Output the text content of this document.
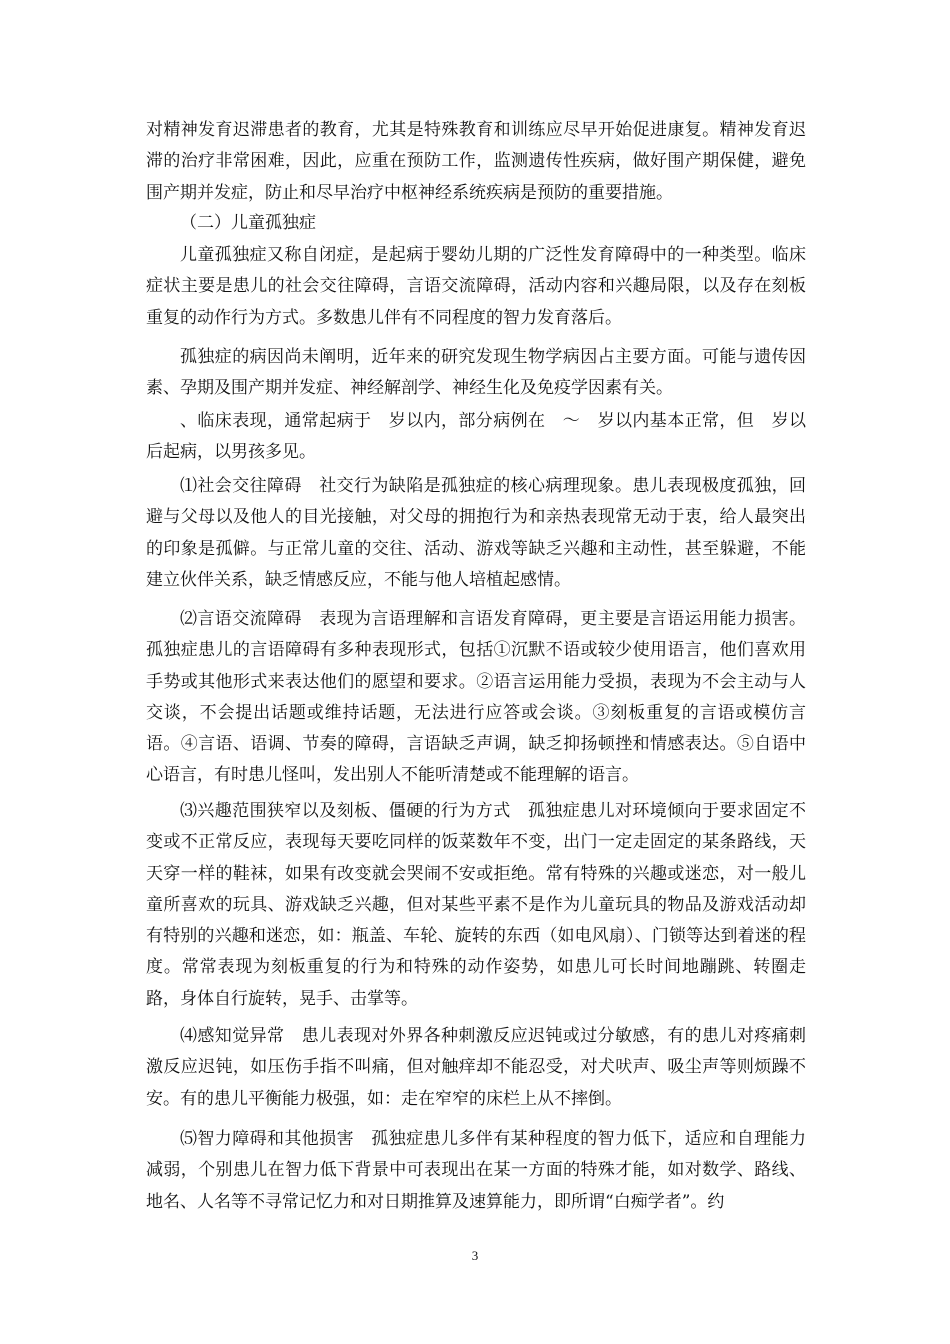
对精神发育迟滞患者的教育，尤其是特殊教育和训练应尽早开始促进康复。精神发育迟滞的治疗非常困难，因此，应重在预防工作，监测遗传性疾病，做好围产期保健，避免围产期并发症，防止和尽早治疗中枢神经系统疾病是预防的重要措施。

（二）儿童孤独症

儿童孤独症又称自闭症，是起病于婴幼儿期的广泛性发育障碍中的一种类型。临床症状主要是患儿的社会交往障碍，言语交流障碍，活动内容和兴趣局限，以及存在刻板重复的动作行为方式。多数患儿伴有不同程度的智力发育落后。

孤独症的病因尚未阐明，近年来的研究发现生物学病因占主要方面。可能与遗传因素、孕期及围产期并发症、神经解剖学、神经生化及免疫学因素有关。

、临床表现，通常起病于　岁以内，部分病例在　～　岁以内基本正常，但　岁以后起病，以男孩多见。

⑴社会交往障碍　社交行为缺陷是孤独症的核心病理现象。患儿表现极度孤独，回避与父母以及他人的目光接触，对父母的拥抱行为和亲热表现常无动于衷，给人最突出的印象是孤僻。与正常儿童的交往、活动、游戏等缺乏兴趣和主动性，甚至躲避，不能建立伙伴关系，缺乏情感反应，不能与他人培植起感情。

⑵言语交流障碍　表现为言语理解和言语发育障碍，更主要是言语运用能力损害。孤独症患儿的言语障碍有多种表现形式，包括①沉默不语或较少使用语言，他们喜欢用手势或其他形式来表达他们的愿望和要求。②语言运用能力受损，表现为不会主动与人交谈，不会提出话题或维持话题，无法进行应答或会谈。③刻板重复的言语或模仿言语。④言语、语调、节奏的障碍，言语缺乏声调，缺乏抑扬顿挫和情感表达。⑤自语中心语言，有时患儿怪叫，发出别人不能听清楚或不能理解的语言。

⑶兴趣范围狭窄以及刻板、僵硬的行为方式　孤独症患儿对环境倾向于要求固定不变或不正常反应，表现每天要吃同样的饭菜数年不变，出门一定走固定的某条路线，天天穿一样的鞋袜，如果有改变就会哭闹不安或拒绝。常有特殊的兴趣或迷恋，对一般儿童所喜欢的玩具、游戏缺乏兴趣，但对某些平素不是作为儿童玩具的物品及游戏活动却有特别的兴趣和迷恋，如：瓶盖、车轮、旋转的东西（如电风扇）、门锁等达到着迷的程度。常常表现为刻板重复的行为和特殊的动作姿势，如患儿可长时间地蹦跳、转圈走路，身体自行旋转，晃手、击掌等。

⑷感知觉异常　患儿表现对外界各种刺激反应迟钝或过分敏感，有的患儿对疼痛刺激反应迟钝，如压伤手指不叫痛，但对触痒却不能忍受，对犬吠声、吸尘声等则烦躁不安。有的患儿平衡能力极强，如：走在窄窄的床栏上从不摔倒。

⑸智力障碍和其他损害　孤独症患儿多伴有某种程度的智力低下，适应和自理能力减弱，个别患儿在智力低下背景中可表现出在某一方面的特殊才能，如对数学、路线、地名、人名等不寻常记忆力和对日期推算及速算能力，即所谓“白痴学者”。约

3
